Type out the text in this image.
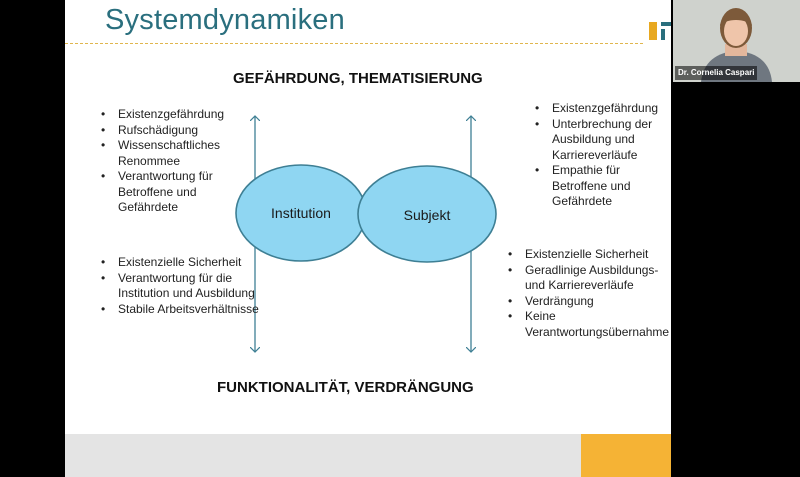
Systemdynamiken

GEFÄHRDUNG, THEMATISIERUNG

Institution	Subjekt
• Existenzgefährdung
• Rufschädigung
• Wissenschaftliches Renommee
• Verantwortung für Betroffene und Gefährdete
• Existenzielle Sicherheit
• Verantwortung für die Institution und Ausbildung
• Stabile Arbeitsverhältnisse
• Existenzgefährdung
• Unterbrechung der Ausbildung und Karriereverläufe
• Empathie für Betroffene und Gefährdete
• Existenzielle Sicherheit
• Geradlinige Ausbildungs- und Karriereverläufe
• Verdrängung
• Keine Verantwortungsübernahme

FUNKTIONALITÄT, VERDRÄNGUNG

Dr. Cornelia Caspari
